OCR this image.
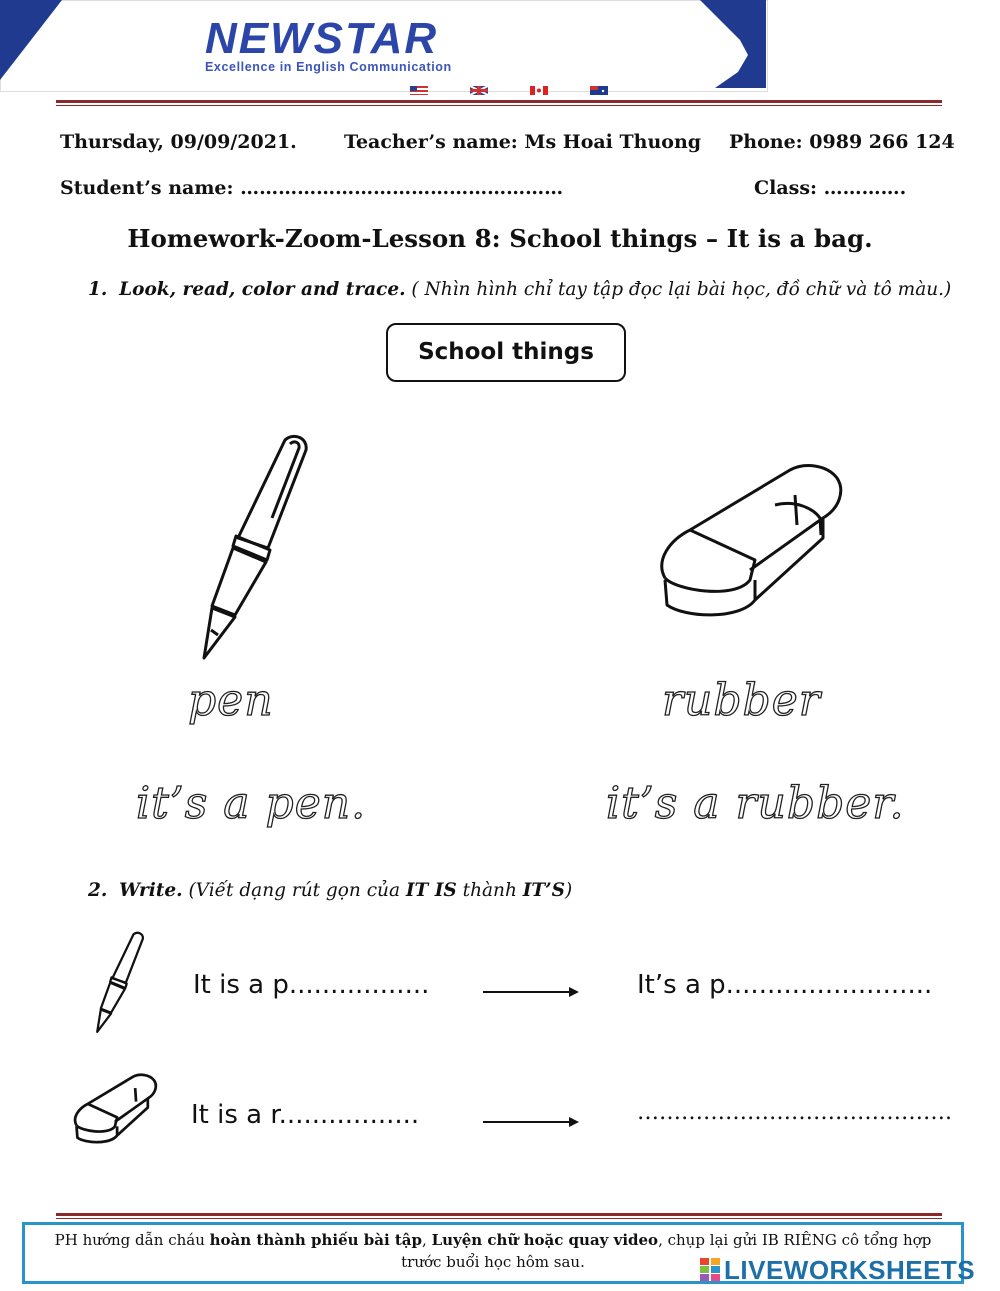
NEWSTAR
Excellence in English Communication
Thursday, 09/09/2021. Teacher’s name: Ms Hoai Thuong Phone: 0989 266 124
Student’s name: ……………………………………………	Class: ………….
Homework-Zoom-Lesson 8: School things – It is a bag.
1. Look, read, color and trace. ( Nhìn hình chỉ tay tập đọc lại bài học, đồ chữ và tô màu.)
School things
pen	rubber
it’s a pen.	it’s a rubber.
2. Write. (Viết dạng rút gọn của IT IS thành IT’S)
It is a p.................	It’s a p.........................
It is a r.................	…………………………………….

PH hướng dẫn cháu hoàn thành phiếu bài tập, Luyện chữ hoặc quay video, chụp lại gửi IB RIÊNG cô tổng hợp trước buổi học hôm sau.	LIVEWORKSHEETS
